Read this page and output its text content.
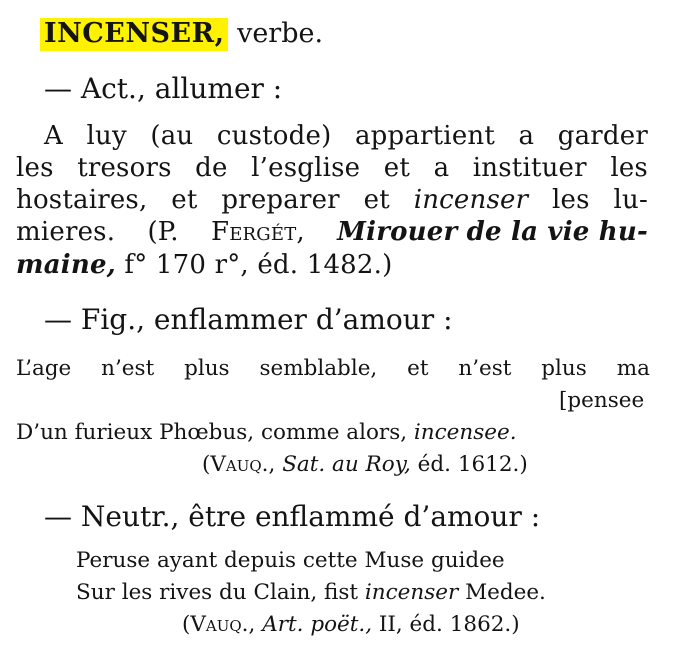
INCENSER, verbe.
— Act., allumer :
A luy (au custode) appartient a garder
les tresors de l’esglise et a instituer les
hostaires, et preparer et incenser les lu-
mieres. (P. Fergét, Mirouer de la vie hu-
maine, f° 170 r°, éd. 1482.)
— Fig., enflammer d’amour :
L’age n’est plus semblable, et n’est plus ma
[pensee
D’un furieux Phœbus, comme alors, incensee.
(Vauq., Sat. au Roy, éd. 1612.)
— Neutr., être enflammé d’amour :
Peruse ayant depuis cette Muse guidee
Sur les rives du Clain, fist incenser Medee.
(Vauq., Art. poët., II, éd. 1862.)
